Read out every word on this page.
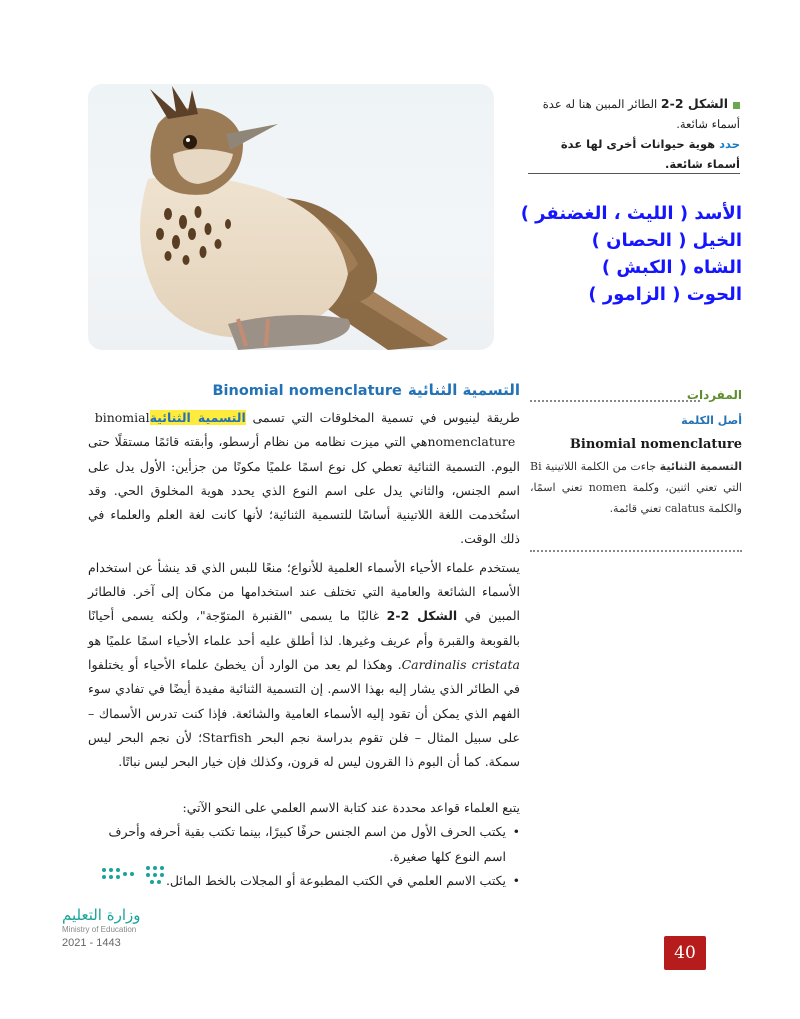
الشكل 2-2 الطائر المبين هنا له عدة أسماء شائعة.
حدد هوية حيوانات أخرى لها عدة أسماء شائعة.
الأسد ( الليث ، الغضنفر )
الخيل ( الحصان )
الشاه ( الكبش )
الحوت ( الزامور )
التسمية الثنائيةBinomial nomenclature

طريقة لينيوس في تسمية المخلوقات التي تسمى التسمية الثنائية binomial nomenclature هي التي ميزت نظامه من نظام أرسطو، وأبقته قائمًا مستقلًا حتى اليوم. التسمية الثنائية تعطي كل نوع اسمًا علميًا مكونًا من جزأين: الأول يدل على اسم الجنس، والثاني يدل على اسم النوع الذي يحدد هوية المخلوق الحي. وقد استُخدمت اللغة اللاتينية أساسًا للتسمية الثنائية؛ لأنها كانت لغة العلم والعلماء في ذلك الوقت.

يستخدم علماء الأحياء الأسماء العلمية للأنواع؛ منعًا للبس الذي قد ينشأ عن استخدام الأسماء الشائعة والعامية التي تختلف عند استخدامها من مكان إلى آخر. فالطائر المبين في الشكل 2-2 غالبًا ما يسمى "القنبرة المتوّجة"، ولكنه يسمى أحيانًا بالقوبعة والقبرة وأم عريف وغيرها. لذا أطلق عليه أحد علماء الأحياء اسمًا علميًا هو Cardinalis cristata. وهكذا لم يعد من الوارد أن يخطئ علماء الأحياء أو يختلفوا في الطائر الذي يشار إليه بهذا الاسم. إن التسمية الثنائية مفيدة أيضًا في تفادي سوء الفهم الذي يمكن أن تقود إليه الأسماء العامية والشائعة. فإذا كنت تدرس الأسماك – على سبيل المثال – فلن تقوم بدراسة نجم البحر Starfish؛ لأن نجم البحر ليس سمكة. كما أن البوم ذا القرون ليس له قرون، وكذلك فإن خيار البحر ليس نباتًا.

يتبع العلماء قواعد محددة عند كتابة الاسم العلمي على النحو الآتي:

• يكتب الحرف الأول من اسم الجنس حرفًا كبيرًا، بينما تكتب بقية أحرفه وأحرف اسم النوع كلها صغيرة.
• يكتب الاسم العلمي في الكتب المطبوعة أو المجلات بالخط المائل.
المفردات
أصل الكلمة
Binomial nomenclature
التسمية الثنائية جاءت من الكلمة اللاتينية Bi التي تعني اثنين، وكلمة nomen تعني اسمًا، والكلمة calatus تعني قائمة.
وزارة التعليم
Ministry of Education
2021 - 1443	40
